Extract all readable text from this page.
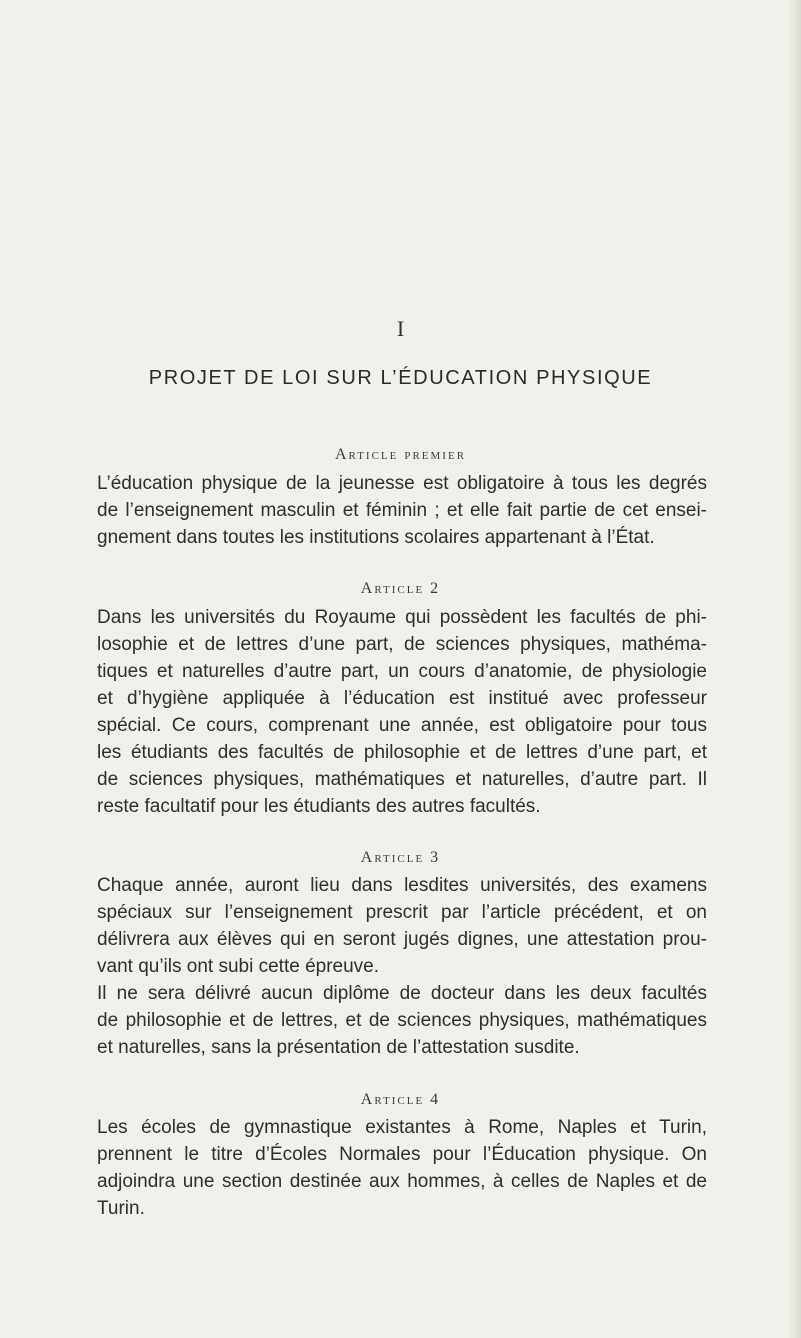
I
PROJET DE LOI SUR L’ÉDUCATION PHYSIQUE
Article premier
L’éducation physique de la jeunesse est obligatoire à tous les degrés
de l’enseignement masculin et féminin ; et elle fait partie de cet ensei-
gnement dans toutes les institutions scolaires appartenant à l’État.
Article 2
Dans les universités du Royaume qui possèdent les facultés de phi-
losophie et de lettres d’une part, de sciences physiques, mathéma-
tiques et naturelles d’autre part, un cours d’anatomie, de physiologie
et d’hygiène appliquée à l’éducation est institué avec professeur
spécial. Ce cours, comprenant une année, est obligatoire pour tous
les étudiants des facultés de philosophie et de lettres d’une part, et
de sciences physiques, mathématiques et naturelles, d’autre part. Il
reste facultatif pour les étudiants des autres facultés.
Article 3
Chaque année, auront lieu dans lesdites universités, des examens
spéciaux sur l’enseignement prescrit par l’article précédent, et on
délivrera aux élèves qui en seront jugés dignes, une attestation prou-
vant qu’ils ont subi cette épreuve.
Il ne sera délivré aucun diplôme de docteur dans les deux facultés
de philosophie et de lettres, et de sciences physiques, mathématiques
et naturelles, sans la présentation de l’attestation susdite.
Article 4
Les écoles de gymnastique existantes à Rome, Naples et Turin,
prennent le titre d’Écoles Normales pour l’Éducation physique. On
adjoindra une section destinée aux hommes, à celles de Naples et de
Turin.
